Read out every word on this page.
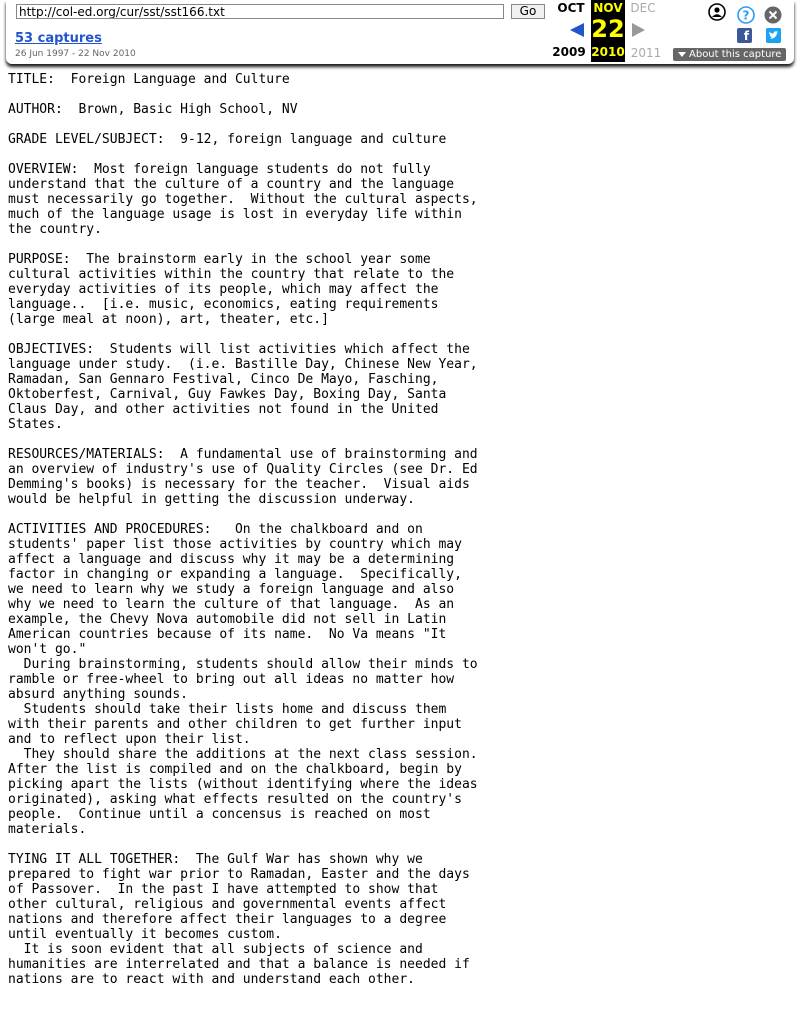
http://col-ed.org/cur/sst/sst166.txt
Go
53 captures
26 Jun 1997 - 22 Nov 2010
OCT
2009
NOV
22
2010
DEC
2011
?
f
About this capture
TITLE:  Foreign Language and Culture

AUTHOR:  Brown, Basic High School, NV

GRADE LEVEL/SUBJECT:  9-12, foreign language and culture

OVERVIEW:  Most foreign language students do not fully
understand that the culture of a country and the language
must necessarily go together.  Without the cultural aspects,
much of the language usage is lost in everyday life within
the country.

PURPOSE:  The brainstorm early in the school year some
cultural activities within the country that relate to the
everyday activities of its people, which may affect the
language..  [i.e. music, economics, eating requirements
(large meal at noon), art, theater, etc.]

OBJECTIVES:  Students will list activities which affect the
language under study.  (i.e. Bastille Day, Chinese New Year,
Ramadan, San Gennaro Festival, Cinco De Mayo, Fasching,
Oktoberfest, Carnival, Guy Fawkes Day, Boxing Day, Santa
Claus Day, and other activities not found in the United
States.

RESOURCES/MATERIALS:  A fundamental use of brainstorming and
an overview of industry's use of Quality Circles (see Dr. Ed
Demming's books) is necessary for the teacher.  Visual aids
would be helpful in getting the discussion underway.

ACTIVITIES AND PROCEDURES:   On the chalkboard and on
students' paper list those activities by country which may
affect a language and discuss why it may be a determining
factor in changing or expanding a language.  Specifically,
we need to learn why we study a foreign language and also
why we need to learn the culture of that language.  As an
example, the Chevy Nova automobile did not sell in Latin
American countries because of its name.  No Va means "It
won't go."
During brainstorming, students should allow their minds to
ramble or free-wheel to bring out all ideas no matter how
absurd anything sounds.
Students should take their lists home and discuss them
with their parents and other children to get further input
and to reflect upon their list.
They should share the additions at the next class session.
After the list is compiled and on the chalkboard, begin by
picking apart the lists (without identifying where the ideas
originated), asking what effects resulted on the country's
people.  Continue until a concensus is reached on most
materials.

TYING IT ALL TOGETHER:  The Gulf War has shown why we
prepared to fight war prior to Ramadan, Easter and the days
of Passover.  In the past I have attempted to show that
other cultural, religious and governmental events affect
nations and therefore affect their languages to a degree
until eventually it becomes custom.
It is soon evident that all subjects of science and
humanities are interrelated and that a balance is needed if
nations are to react with and understand each other.
